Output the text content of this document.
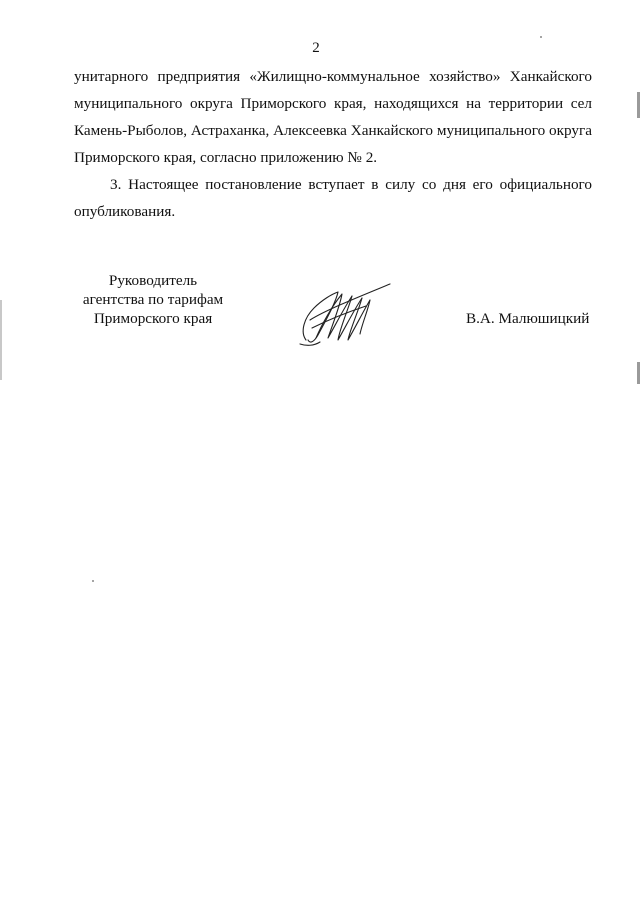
2
унитарного предприятия «Жилищно-коммунальное хозяйство» Ханкайского
муниципального округа Приморского края, находящихся на территории сел
Камень-Рыболов, Астраханка, Алексеевка Ханкайского муниципального округа
Приморского края, согласно приложению № 2.
3. Настоящее постановление вступает в силу со дня его официального
опубликования.
Руководитель
агентства по тарифам
Приморского края	В.А. Малюшицкий
